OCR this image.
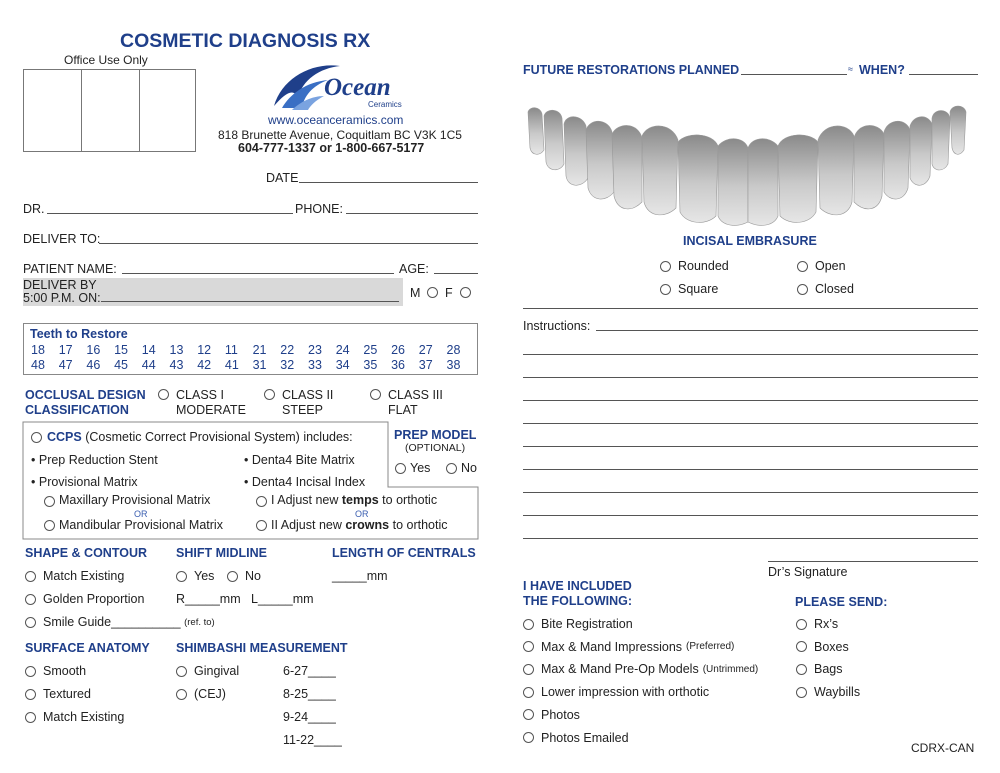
COSMETIC DIAGNOSIS RX
Office Use Only
Ocean
Ceramics
www.oceanceramics.com
818 Brunette Avenue, Coquitlam BC V3K 1C5
604-777-1337 or 1-800-667-5177
DATE
DR.	PHONE:
DELIVER TO:
PATIENT NAME:	AGE:
DELIVER BY
5:00 P.M. ON:	M F
Teeth to Restore
18 17 16 15 14 13 12 11 21 22 23 24 25 26 27 28
48 47 46 45 44 43 42 41 31 32 33 34 35 36 37 38
OCCLUSAL DESIGN
CLASSIFICATION
CLASS I
MODERATE
CLASS II
STEEP
CLASS III
FLAT
CCPS (Cosmetic Correct Provisional System) includes:
• Prep Reduction Stent	• Denta4 Bite Matrix
• Provisional Matrix	• Denta4 Incisal Index
Maxillary Provisional Matrix
OR
Mandibular Provisional Matrix
I Adjust new temps to orthotic
OR
II Adjust new crowns to orthotic
PREP MODEL
(OPTIONAL)
Yes No
SHAPE & CONTOUR
Match Existing
Golden Proportion
Smile Guide__________
(ref. to)
SHIFT MIDLINE
Yes No
R_____mm L_____mm
LENGTH OF CENTRALS
_____mm
SURFACE ANATOMY
Smooth
Textured
Match Existing
SHIMBASHI MEASUREMENT
Gingival
(CEJ)
6-27____
8-25____
9-24____
11-22____
FUTURE RESTORATIONS PLANNED	≈ WHEN?
INCISAL EMBRASURE
Rounded	Open
Square	Closed
Instructions:
Dr’s Signature
I HAVE INCLUDED
THE FOLLOWING:
Bite Registration
Max & Mand Impressions (Preferred)
Max & Mand Pre-Op Models (Untrimmed)
Lower impression with orthotic
Photos
Photos Emailed
PLEASE SEND:
Rx’s
Boxes
Bags
Waybills
CDRX-CAN
